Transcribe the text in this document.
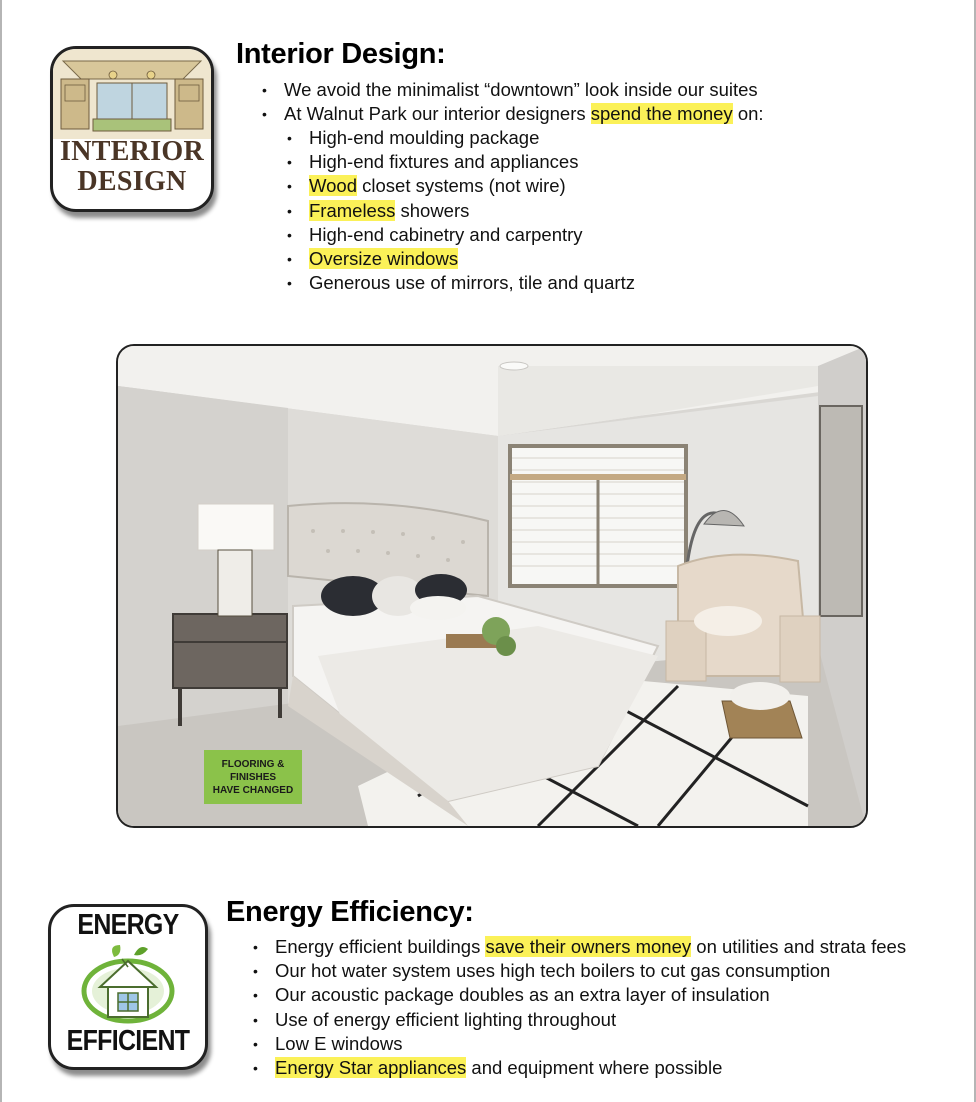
INTERIOR
DESIGN
Interior Design:
• We avoid the minimalist “downtown” look inside our suites
• At Walnut Park our interior designers spend the money on:
• High-end moulding package
• High-end fixtures and appliances
• Wood closet systems (not wire)
• Frameless showers
• High-end cabinetry and carpentry
• Oversize windows
• Generous use of mirrors, tile and quartz
FLOORING &
FINISHES
HAVE CHANGED
ENERGY
EFFICIENT
Energy Efficiency:
• Energy efficient buildings save their owners money on utilities and strata fees
• Our hot water system uses high tech boilers to cut gas consumption
• Our acoustic package doubles as an extra layer of insulation
• Use of energy efficient lighting throughout
• Low E windows
• Energy Star appliances and equipment where possible
